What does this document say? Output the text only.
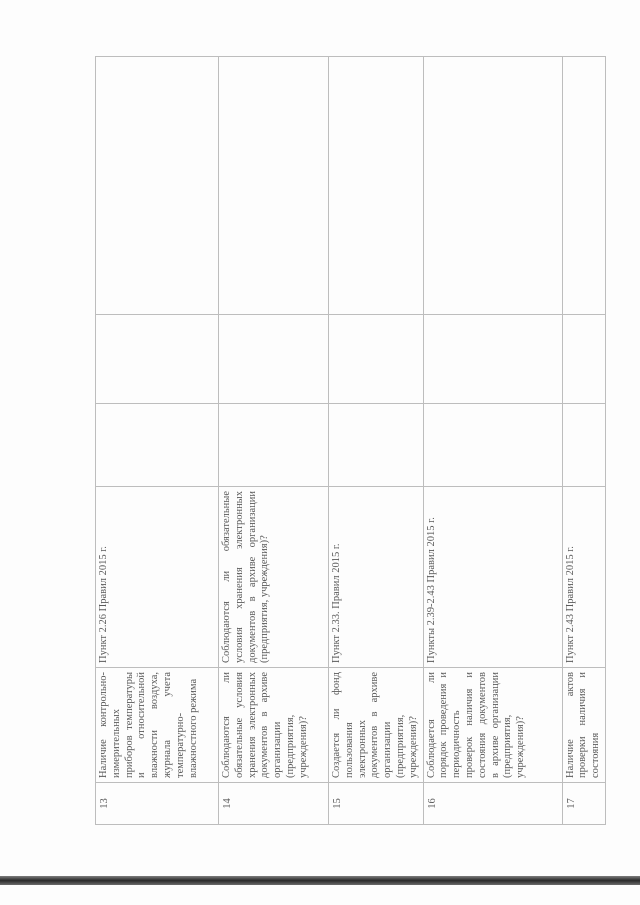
13	Наличие контрольно-измерительных приборов температуры и относительной влажности воздуха, журнала учета температурно-влажностного режима	Пункт 2.26 Правил 2015 г.			
14	Соблюдаются ли обязательные условия хранения электронных документов в архиве организации (предприятия, учреждения)?	Соблюдаются ли обязательные условия хранения электронных документов в архиве организации (предприятия, учреждения)?			
15	Создается ли фонд пользования электронных документов в архиве организации (предприятия, учреждения)?	Пункт 2.33. Правил 2015 г.			
16	Соблюдается ли порядок проведения и периодичность проверок наличия и состояния документов в архиве организации (предприятия, учреждения)?	Пункты 2.39-2.43 Правил 2015 г.			
17	Наличие актов проверки наличия и состояния	Пункт 2.43 Правил 2015 г.			
